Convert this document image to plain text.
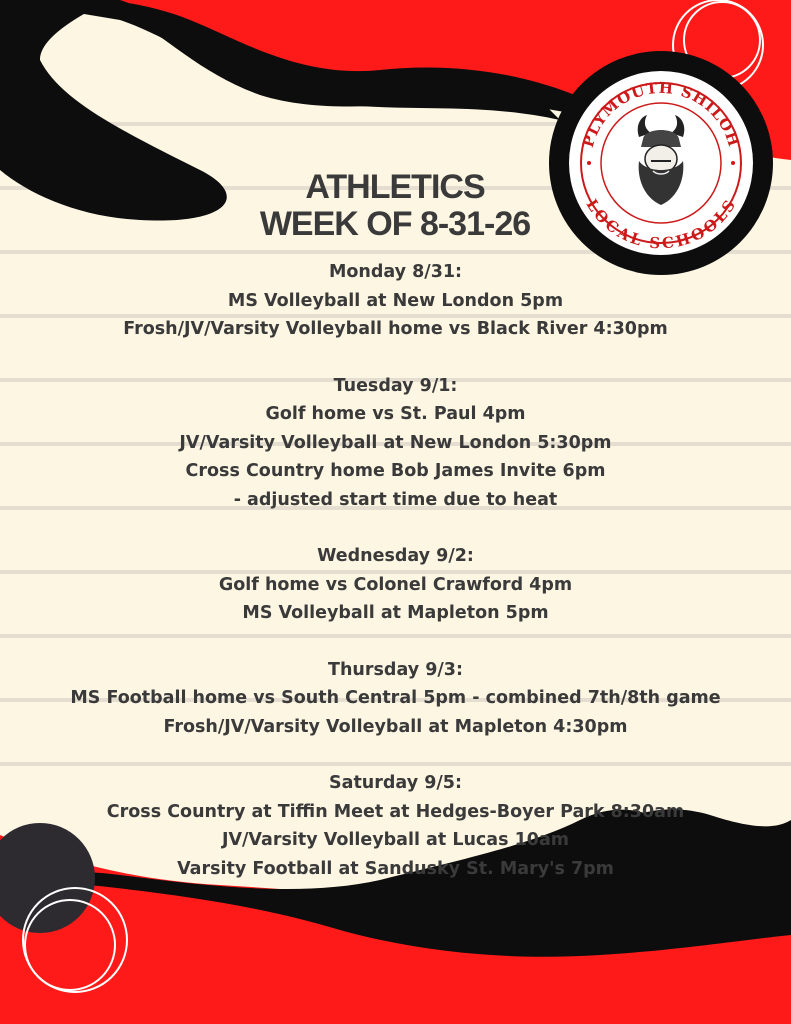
PLYMOUTH SHILOH
LOCAL SCHOOLS
ATHLETICS
WEEK OF 8-31-26
Monday 8/31:
MS Volleyball at New London 5pm
Frosh/JV/Varsity Volleyball home vs Black River 4:30pm
Tuesday 9/1:
Golf home vs St. Paul 4pm
JV/Varsity Volleyball at New London 5:30pm
Cross Country home Bob James Invite 6pm
- adjusted start time due to heat
Wednesday 9/2:
Golf home vs Colonel Crawford 4pm
MS Volleyball at Mapleton 5pm
Thursday 9/3:
MS Football home vs South Central 5pm - combined 7th/8th game
Frosh/JV/Varsity Volleyball at Mapleton 4:30pm
Saturday 9/5:
Cross Country at Tiffin Meet at Hedges-Boyer Park 8:30am
JV/Varsity Volleyball at Lucas 10am
Varsity Football at Sandusky St. Mary's 7pm
